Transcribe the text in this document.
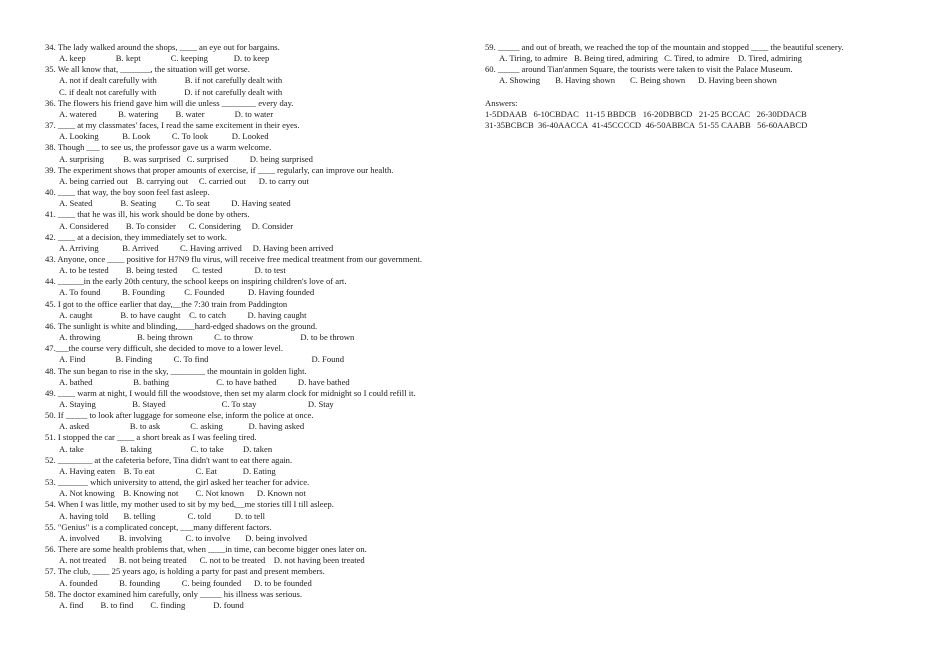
34. The lady walked around the shops, ____ an eye out for bargains.
A. keep              B. kept              C. keeping            D. to keep
35. We all know that, _______, the situation will get worse.
A. not if dealt carefully with             B. if not carefully dealt with
C. if dealt not carefully with             D. if not carefully dealt with
36. The flowers his friend gave him will die unless ________ every day.
A. watered          B. watering        B. water              D. to water
37. ____ at my classmates' faces, I read the same excitement in their eyes.
A. Looking           B. Look          C. To look           D. Looked
38. Though ___ to see us, the professor gave us a warm welcome.
A. surprising         B. was surprised   C. surprised          D. being surprised
39. The experiment shows that proper amounts of exercise, if ____ regularly, can improve our health.
A. being carried out    B. carrying out     C. carried out      D. to carry out
40. ____ that way, the boy soon feel fast asleep.
A. Seated             B. Seating         C. To seat          D. Having seated
41. ____ that he was ill, his work should be done by others.
A. Considered        B. To consider      C. Considering     D. Consider
42. ____ at a decision, they immediately set to work.
A. Arriving           B. Arrived          C. Having arrived     D. Having been arrived
43. Anyone, once ____ positive for H7N9 flu virus, will receive free medical treatment from our government.
A. to be tested        B. being tested       C. tested               D. to test
44. ______in the early 20th century, the school keeps on inspiring children's love of art.
A. To found          B. Founding         C. Founded           D. Having founded
45. I got to the office earlier that day,__the 7:30 train from Paddington
A. caught             B. to have caught    C. to catch          D. having caught
46. The sunlight is white and blinding,____hard-edged shadows on the ground.
A. throwing                 B. being thrown          C. to throw                      D. to be thrown
47.___the course very difficult, she decided to move to a lower level.
A. Find              B. Finding          C. To find                                                D. Found
48. The sun began to rise in the sky, ________ the mountain in golden light.
A. bathed                   B. bathing                      C. to have bathed          D. have bathed
49. ____ warm at night, I would fill the woodstove, then set my alarm clock for midnight so I could refill it.
A. Staying                 B. Stayed                          C. To stay                        D. Stay
50. If _____ to look after luggage for someone else, inform the police at once.
A. asked                   B. to ask              C. asking            D. having asked
51. I stopped the car ____ a short break as I was feeling tired.
A. take                 B. taking                  C. to take         D. taken
52. ________ at the cafeteria before, Tina didn't want to eat there again.
A. Having eaten    B. To eat                   C. Eat            D. Eating
53. _______ which university to attend, the girl asked her teacher for advice.
A. Not knowing    B. Knowing not        C. Not known      D. Known not
54. When I was little, my mother used to sit by my bed,__me stories till I till asleep.
A. having told       B. telling               C. told           D. to tell
55. "Genius" is a complicated concept, ___many different factors.
A. involved         B. involving           C. to involve       D. being involved
56. There are some health problems that, when ____in time, can become bigger ones later on.
A. not treated      B. not being treated      C. not to be treated    D. not having been treated
57. The club, ____ 25 years ago, is holding a party for past and present members.
A. founded          B. founding          C. being founded      D. to be founded
58. The doctor examined him carefully, only _____ his illness was serious.
A. find        B. to find        C. finding             D. found
59. _____ and out of breath, we reached the top of the mountain and stopped ____ the beautiful scenery.
A. Tiring, to admire   B. Being tired, admiring   C. Tired, to admire    D. Tired, admiring
60. _____ around Tian'anmen Square, the tourists were taken to visit the Palace Museum.
A. Showing       B. Having shown       C. Being shown      D. Having been shown
Answers:
1-5DDAAB   6-10CBDAC   11-15 BBDCB   16-20DBBCD   21-25 BCCAC   26-30DDACB
31-35BCBCB  36-40AACCA  41-45CCCCD  46-50ABBCA  51-55 CAABB   56-60AABCD
